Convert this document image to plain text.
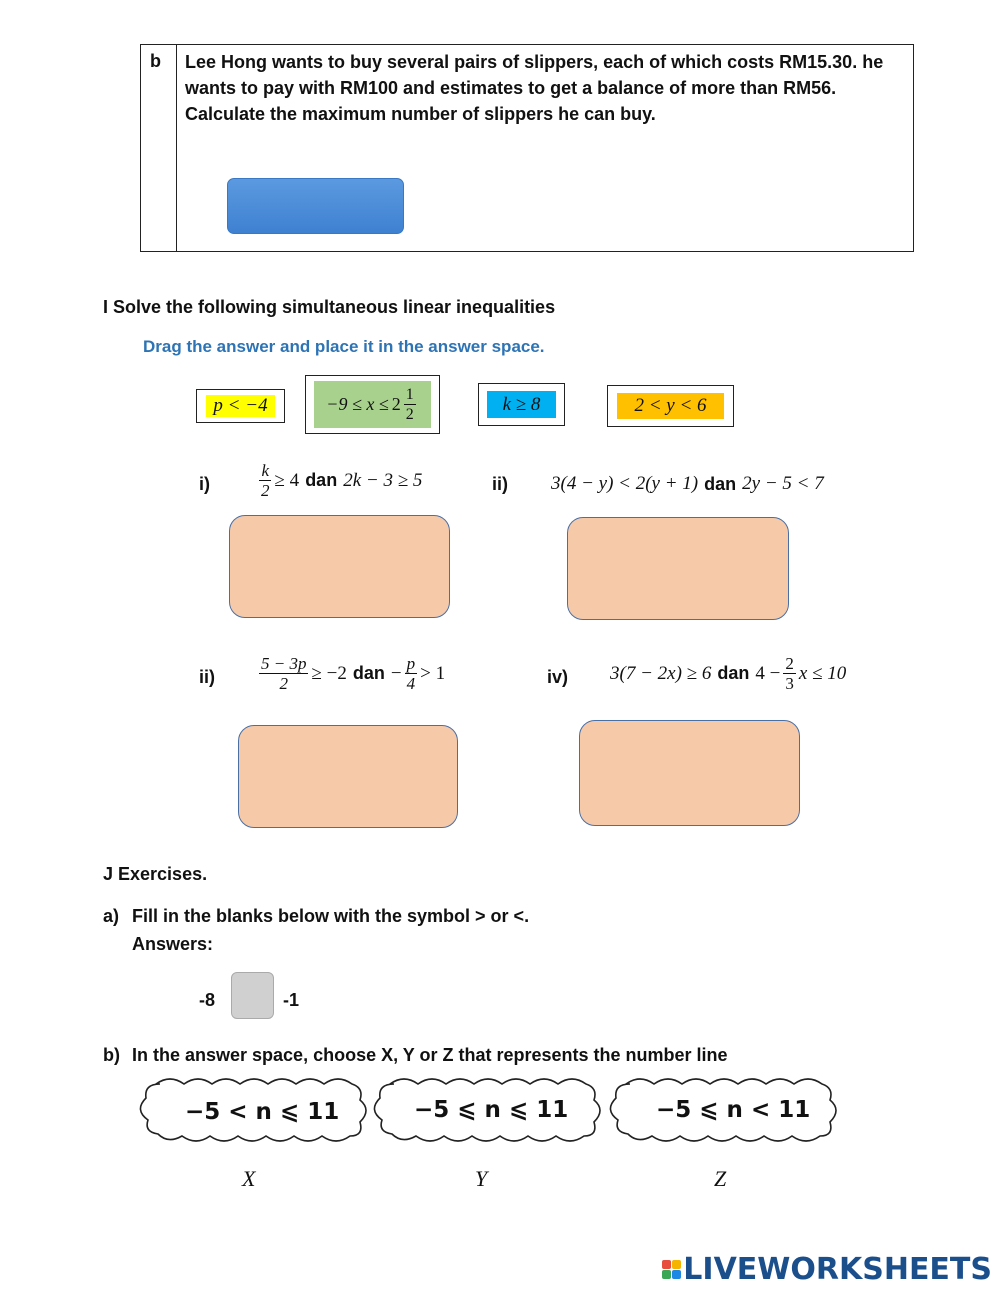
b Lee Hong wants to buy several pairs of slippers, each of which costs RM15.30. he wants to pay with RM100 and estimates to get a balance of more than RM56. Calculate the maximum number of slippers he can buy.
I Solve the following simultaneous linear inequalities
Drag the answer and place it in the answer space.
p < −4	$-9 \le x \le 2 \frac{1}{2}$	k ≥ 8	2 < y < 6
i)	$\frac{k}{2} \ge 4$ dan 2k − 3 ≥ 5	ii) 3(4 − y) < 2(y + 1) dan 2y − 5 < 7
ii)	$\frac{5 - 3p}{2} \ge -2$ dan − $\frac{p}{4} > 1$	iv) 3(7 − 2x) ≥ 6 dan $4 - \frac{2}{3}$ x ≤ 10
J Exercises.
a) Fill in the blanks below with the symbol > or <.
Answers:
-8	-1
b) In the answer space, choose X, Y or Z that represents the number line
−5 < n ⩽ 11	−5 ⩽ n ⩽ 11	−5 ⩽ n < 11
X	Y	Z
LIVEWORKSHEETS
